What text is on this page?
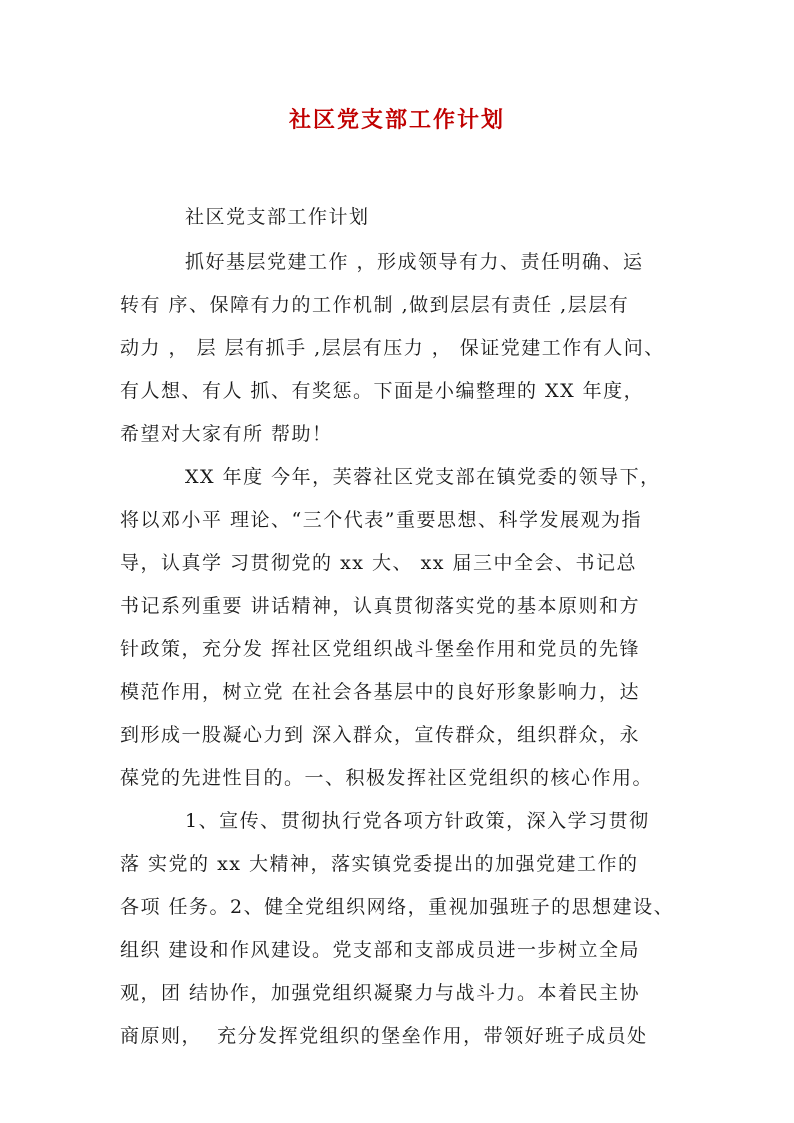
社区党支部工作计划

社区党支部工作计划

抓好基层党建工作 ，形成领导有力、责任明确、运

转有 序、保障有力的工作机制 ,做到层层有责任 ,层层有

动力 ， 层 层有抓手 ,层层有压力 ， 保证党建工作有人问、

有人想、有人 抓、有奖惩。下面是小编整理的 XX 年度，

希望对大家有所 帮助！

XX 年度 今年，芙蓉社区党支部在镇党委的领导下，

将以邓小平 理论、“三个代表”重要思想、科学发展观为指

导，认真学 习贯彻党的 xx 大、 xx 届三中全会、书记总

书记系列重要 讲话精神，认真贯彻落实党的基本原则和方

针政策，充分发 挥社区党组织战斗堡垒作用和党员的先锋

模范作用，树立党 在社会各基层中的良好形象影响力，达

到形成一股凝心力到 深入群众，宣传群众，组织群众，永

葆党的先进性目的。一、积极发挥社区党组织的核心作用。

1、宣传、贯彻执行党各项方针政策，深入学习贯彻

落 实党的 xx 大精神，落实镇党委提出的加强党建工作的

各项 任务。2、健全党组织网络，重视加强班子的思想建设、

组织 建设和作风建设。党支部和支部成员进一步树立全局

观，团 结协作，加强党组织凝聚力与战斗力。本着民主协

商原则，  充分发挥党组织的堡垒作用，带领好班子成员处
